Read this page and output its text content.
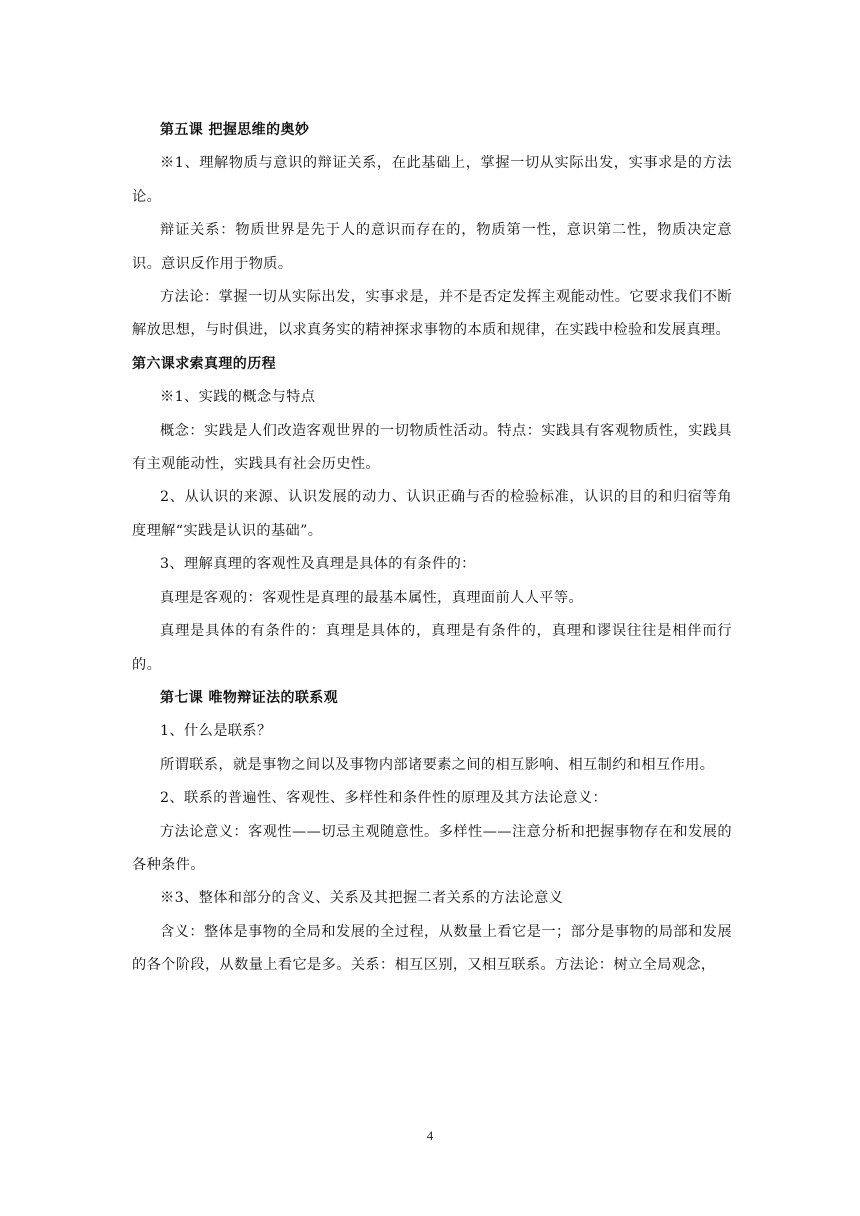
第五课 把握思维的奥妙

※1、理解物质与意识的辩证关系，在此基础上，掌握一切从实际出发，实事求是的方法论。

辩证关系：物质世界是先于人的意识而存在的，物质第一性，意识第二性，物质决定意识。意识反作用于物质。

方法论：掌握一切从实际出发，实事求是，并不是否定发挥主观能动性。它要求我们不断解放思想，与时俱进，以求真务实的精神探求事物的本质和规律，在实践中检验和发展真理。

第六课求索真理的历程

※1、实践的概念与特点

概念：实践是人们改造客观世界的一切物质性活动。特点：实践具有客观物质性，实践具有主观能动性，实践具有社会历史性。

2、从认识的来源、认识发展的动力、认识正确与否的检验标准，认识的目的和归宿等角度理解“实践是认识的基础”。

3、理解真理的客观性及真理是具体的有条件的：

真理是客观的：客观性是真理的最基本属性，真理面前人人平等。

真理是具体的有条件的：真理是具体的，真理是有条件的，真理和谬误往往是相伴而行的。

第七课 唯物辩证法的联系观

1、什么是联系？

所谓联系，就是事物之间以及事物内部诸要素之间的相互影响、相互制约和相互作用。

2、联系的普遍性、客观性、多样性和条件性的原理及其方法论意义：

方法论意义：客观性——切忌主观随意性。多样性——注意分析和把握事物存在和发展的各种条件。

※3、整体和部分的含义、关系及其把握二者关系的方法论意义

含义：整体是事物的全局和发展的全过程，从数量上看它是一；部分是事物的局部和发展的各个阶段，从数量上看它是多。关系：相互区别，又相互联系。方法论：树立全局观念，

4
